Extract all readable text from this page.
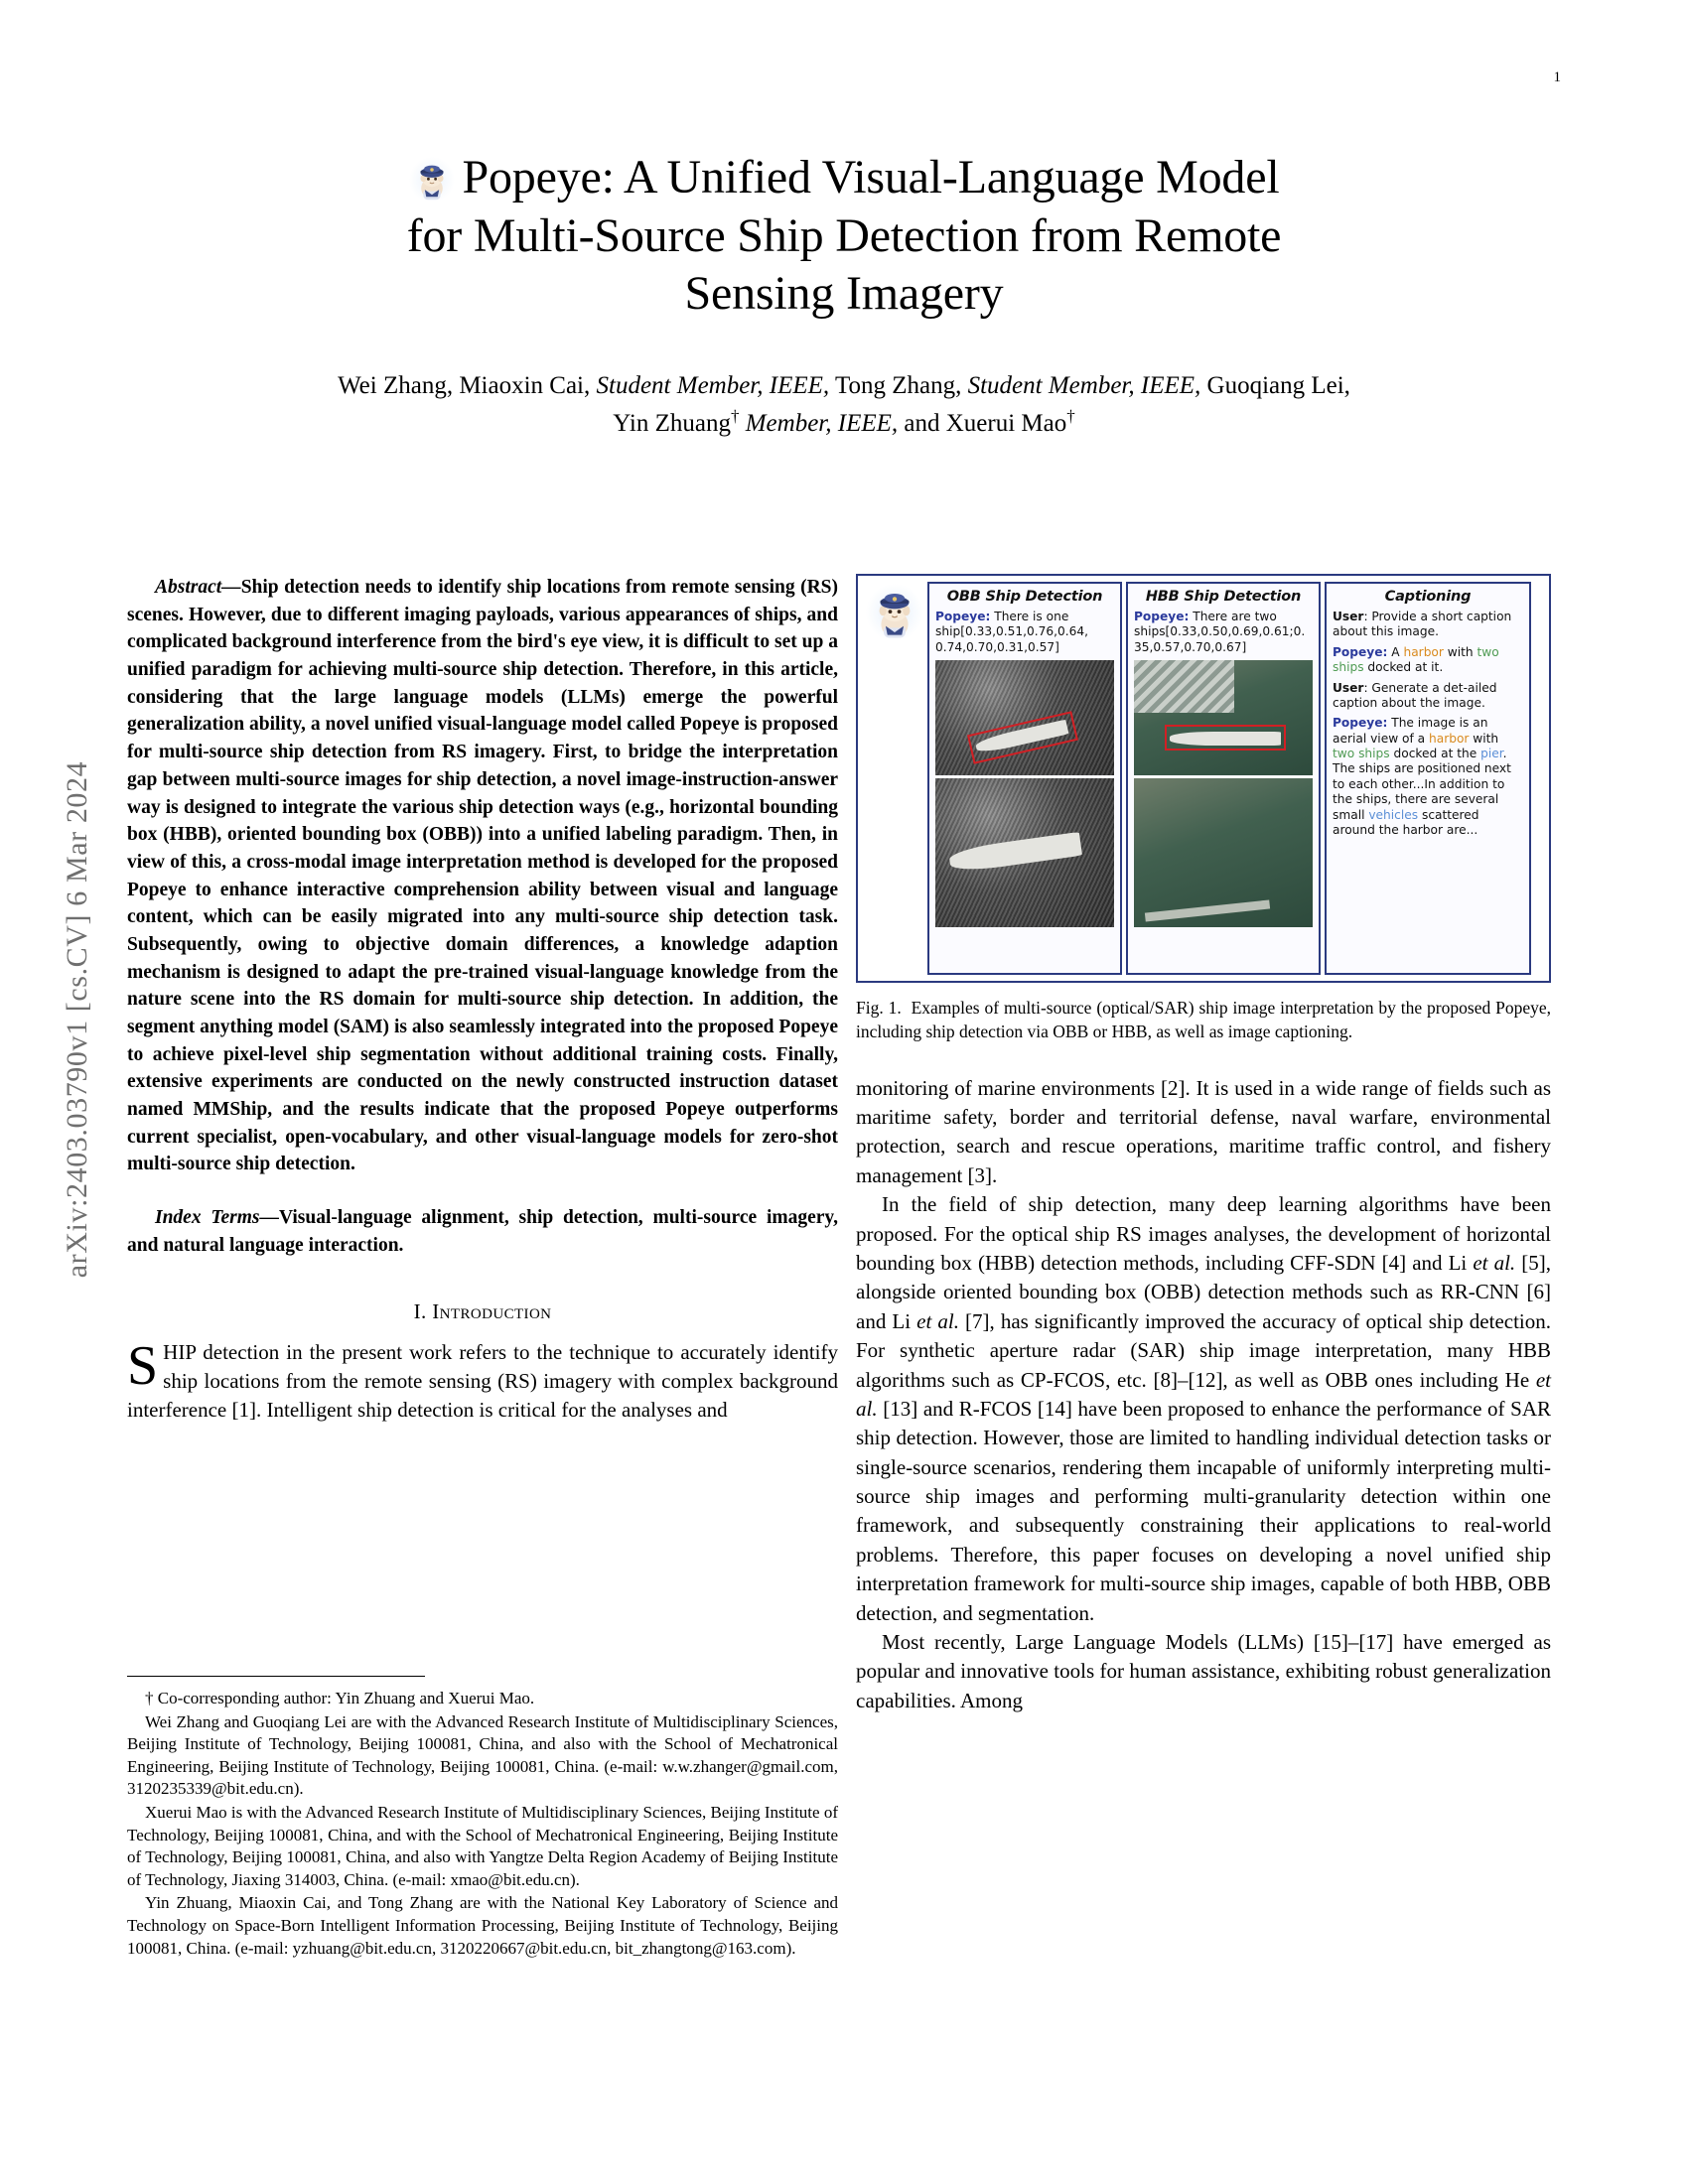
arXiv:2403.03790v1 [cs.CV] 6 Mar 2024
1
Popeye: A Unified Visual-Language Model
for Multi-Source Ship Detection from Remote
Sensing Imagery
Wei Zhang, Miaoxin Cai, Student Member, IEEE, Tong Zhang, Student Member, IEEE, Guoqiang Lei,
Yin Zhuang† Member, IEEE, and Xuerui Mao†

Abstract—Ship detection needs to identify ship locations from remote sensing (RS) scenes. However, due to different imaging payloads, various appearances of ships, and complicated background interference from the bird's eye view, it is difficult to set up a unified paradigm for achieving multi-source ship detection. Therefore, in this article, considering that the large language models (LLMs) emerge the powerful generalization ability, a novel unified visual-language model called Popeye is proposed for multi-source ship detection from RS imagery. First, to bridge the interpretation gap between multi-source images for ship detection, a novel image-instruction-answer way is designed to integrate the various ship detection ways (e.g., horizontal bounding box (HBB), oriented bounding box (OBB)) into a unified labeling paradigm. Then, in view of this, a cross-modal image interpretation method is developed for the proposed Popeye to enhance interactive comprehension ability between visual and language content, which can be easily migrated into any multi-source ship detection task. Subsequently, owing to objective domain differences, a knowledge adaption mechanism is designed to adapt the pre-trained visual-language knowledge from the nature scene into the RS domain for multi-source ship detection. In addition, the segment anything model (SAM) is also seamlessly integrated into the proposed Popeye to achieve pixel-level ship segmentation without additional training costs. Finally, extensive experiments are conducted on the newly constructed instruction dataset named MMShip, and the results indicate that the proposed Popeye outperforms current specialist, open-vocabulary, and other visual-language models for zero-shot multi-source ship detection.

Index Terms—Visual-language alignment, ship detection, multi-source imagery, and natural language interaction.

I. Introduction

SHIP detection in the present work refers to the technique to accurately identify ship locations from the remote sensing (RS) imagery with complex background interference [1]. Intelligent ship detection is critical for the analyses and

† Co-corresponding author: Yin Zhuang and Xuerui Mao.

Wei Zhang and Guoqiang Lei are with the Advanced Research Institute of Multidisciplinary Sciences, Beijing Institute of Technology, Beijing 100081, China, and also with the School of Mechatronical Engineering, Beijing Institute of Technology, Beijing 100081, China. (e-mail: w.w.zhanger@gmail.com, 3120235339@bit.edu.cn).

Xuerui Mao is with the Advanced Research Institute of Multidisciplinary Sciences, Beijing Institute of Technology, Beijing 100081, China, and with the School of Mechatronical Engineering, Beijing Institute of Technology, Beijing 100081, China, and also with Yangtze Delta Region Academy of Beijing Institute of Technology, Jiaxing 314003, China. (e-mail: xmao@bit.edu.cn).

Yin Zhuang, Miaoxin Cai, and Tong Zhang are with the National Key Laboratory of Science and Technology on Space-Born Intelligent Information Processing, Beijing Institute of Technology, Beijing 100081, China. (e-mail: yzhuang@bit.edu.cn, 3120220667@bit.edu.cn, bit_zhangtong@163.com).

OBB Ship Detection
Popeye: There is one ship[0.33,0.51,0.76,0.64, 0.74,0.70,0.31,0.57]
HBB Ship Detection
Popeye: There are two ships[0.33,0.50,0.69,0.61;0. 35,0.57,0.70,0.67]
Captioning
User: Provide a short caption about this image.
Popeye: A harbor with two ships docked at it.
User: Generate a det-ailed caption about the image.
Popeye: The image is an aerial view of a harbor with two ships docked at the pier. The ships are positioned next to each other...In addition to the ships, there are several small vehicles scattered around the harbor are...
Fig. 1. Examples of multi-source (optical/SAR) ship image interpretation by the proposed Popeye, including ship detection via OBB or HBB, as well as image captioning.

monitoring of marine environments [2]. It is used in a wide range of fields such as maritime safety, border and territorial defense, naval warfare, environmental protection, search and rescue operations, maritime traffic control, and fishery management [3].

In the field of ship detection, many deep learning algorithms have been proposed. For the optical ship RS images analyses, the development of horizontal bounding box (HBB) detection methods, including CFF-SDN [4] and Li et al. [5], alongside oriented bounding box (OBB) detection methods such as RR-CNN [6] and Li et al. [7], has significantly improved the accuracy of optical ship detection. For synthetic aperture radar (SAR) ship image interpretation, many HBB algorithms such as CP-FCOS, etc. [8]–[12], as well as OBB ones including He et al. [13] and R-FCOS [14] have been proposed to enhance the performance of SAR ship detection. However, those are limited to handling individual detection tasks or single-source scenarios, rendering them incapable of uniformly interpreting multi-source ship images and performing multi-granularity detection within one framework, and subsequently constraining their applications to real-world problems. Therefore, this paper focuses on developing a novel unified ship interpretation framework for multi-source ship images, capable of both HBB, OBB detection, and segmentation.

Most recently, Large Language Models (LLMs) [15]–[17] have emerged as popular and innovative tools for human assistance, exhibiting robust generalization capabilities. Among
